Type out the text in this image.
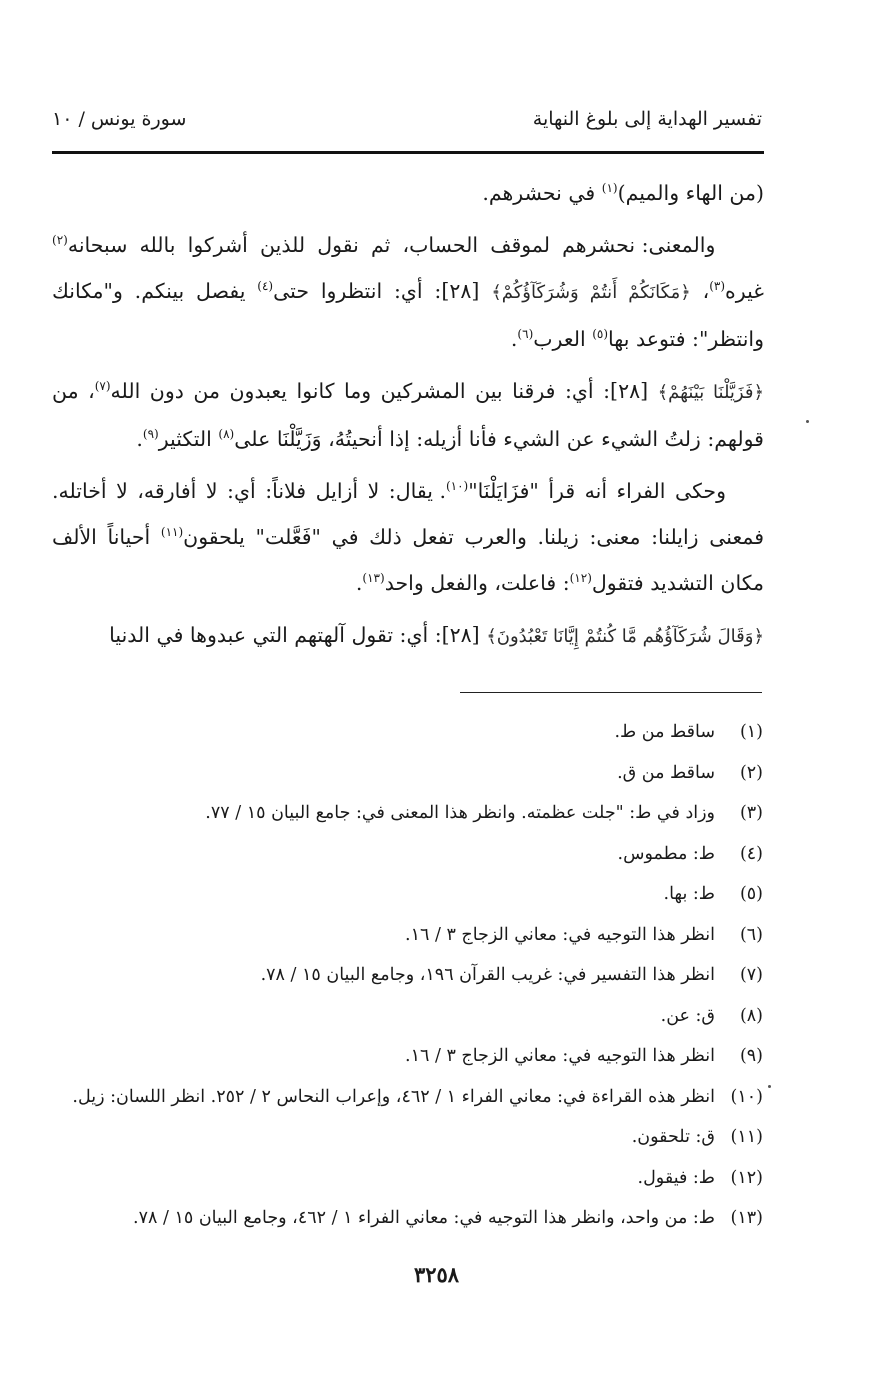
تفسير الهداية إلى بلوغ النهاية
سورة يونس / ١٠

(من الهاء والميم)$^{(١)}$ في نحشرهم.

والمعنى: نحشرهم لموقف الحساب، ثم نقول للذين أشركوا بالله سبحانه$^{(٢)}$ غيره$^{(٣)}$، ﴿مَكَانَكُمْ أَنتُمْ وَشُرَكَآؤُكُمْ﴾ [٢٨]: أي: انتظروا حتى$^{(٤)}$ يفصل بينكم. و"مكانك وانتظر": فتوعد بها$^{(٥)}$ العرب$^{(٦)}$.

﴿فَزَيَّلْنَا بَيْنَهُمْ﴾ [٢٨]: أي: فرقنا بين المشركين وما كانوا يعبدون من دون الله$^{(٧)}$، من قولهم: زلتُ الشيء عن الشيء فأنا أزيله: إذا أنحيتُهُ، وَزَيَّلْنَا على$^{(٨)}$ التكثير$^{(٩)}$.

وحكى الفراء أنه قرأ "فزَايَلْنَا"$^{(١٠)}$. يقال: لا أزايل فلاناً: أي: لا أفارقه، لا أخاتله. فمعنى زايلنا: معنى: زيلنا. والعرب تفعل ذلك في "فَعَّلت" يلحقون$^{(١١)}$ أحياناً الألف مكان التشديد فتقول$^{(١٢)}$: فاعلت، والفعل واحد$^{(١٣)}$.

﴿وَقَالَ شُرَكَآؤُهُم مَّا كُنتُمْ إِيَّانَا تَعْبُدُونَ﴾ [٢٨]: أي: تقول آلهتهم التي عبدوها في الدنيا

(١)
ساقط من ط.
(٢)
ساقط من ق.
(٣)
وزاد في ط: "جلت عظمته. وانظر هذا المعنى في: جامع البيان ١٥ / ٧٧.
(٤)
ط: مطموس.
(٥)
ط: بها.
(٦)
انظر هذا التوجيه في: معاني الزجاج ٣ / ١٦.
(٧)
انظر هذا التفسير في: غريب القرآن ١٩٦، وجامع البيان ١٥ / ٧٨.
(٨)
ق: عن.
(٩)
انظر هذا التوجيه في: معاني الزجاج ٣ / ١٦.
(١٠)
انظر هذه القراءة في: معاني الفراء ١ / ٤٦٢، وإعراب النحاس ٢ / ٢٥٢. انظر اللسان: زيل.
(١١)
ق: تلحقون.
(١٢)
ط: فيقول.
(١٣)
ط: من واحد، وانظر هذا التوجيه في: معاني الفراء ١ / ٤٦٢، وجامع البيان ١٥ / ٧٨.
٣٢٥٨
